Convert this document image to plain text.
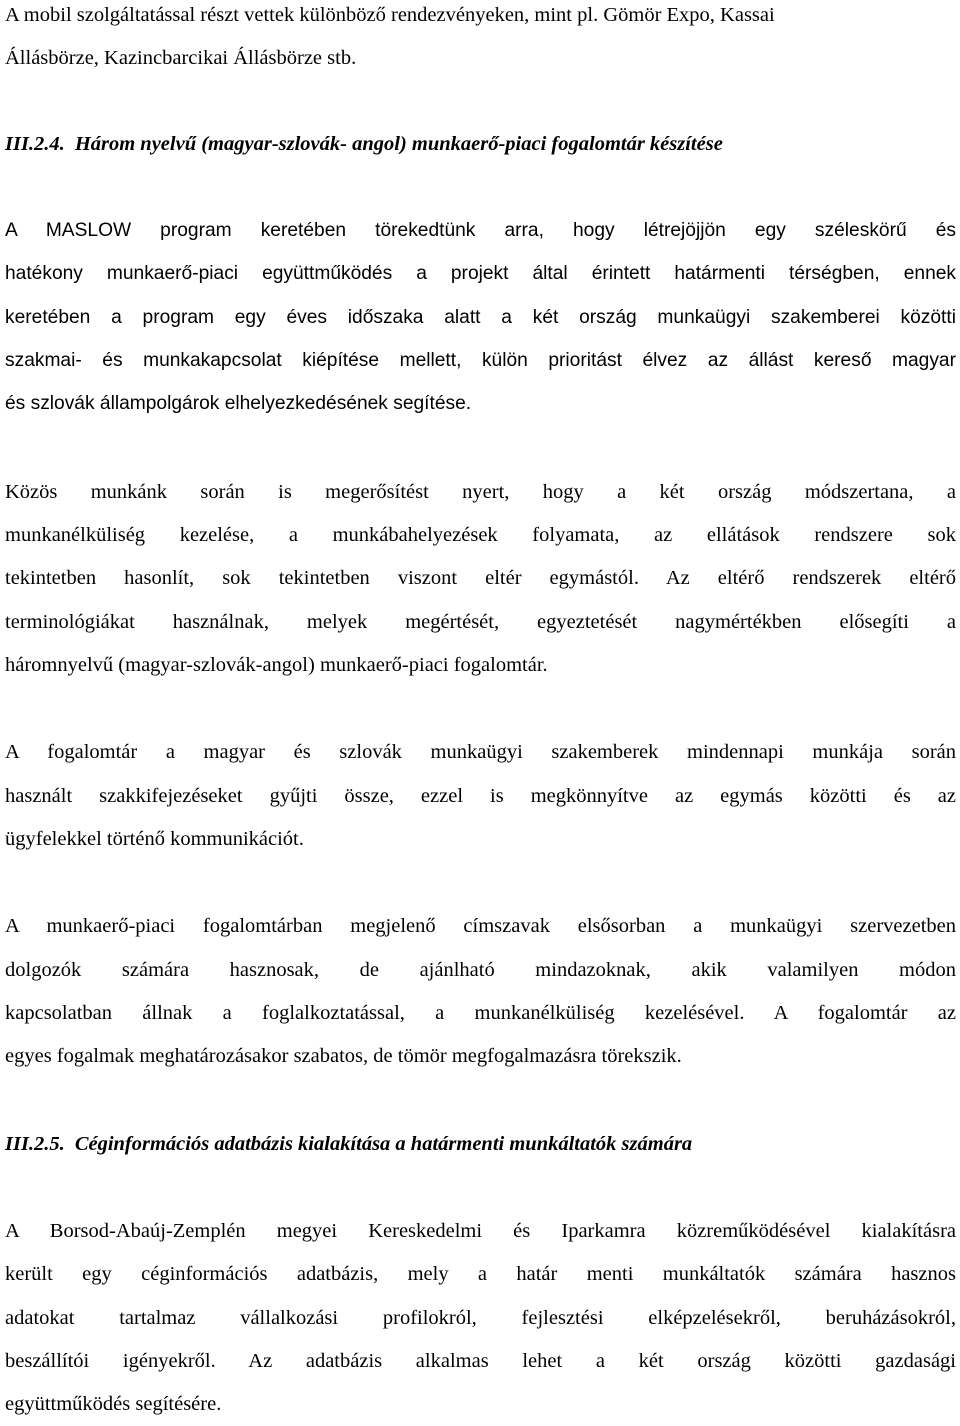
A mobil szolgáltatással részt vettek különböző rendezvényeken, mint pl. Gömör Expo, Kassai
Állásbörze, Kazincbarcikai Állásbörze stb.
III.2.4. Három nyelvű (magyar-szlovák- angol) munkaerő-piaci fogalomtár készítése
A MASLOW program keretében törekedtünk arra, hogy létrejöjjön egy széleskörű és
hatékony munkaerő-piaci együttműködés a projekt által érintett határmenti térségben, ennek
keretében a program egy éves időszaka alatt a két ország munkaügyi szakemberei közötti
szakmai- és munkakapcsolat kiépítése mellett, külön prioritást élvez az állást kereső magyar
és szlovák állampolgárok elhelyezkedésének segítése.
Közös munkánk során is megerősítést nyert, hogy a két ország módszertana, a
munkanélküliség kezelése, a munkábahelyezések folyamata, az ellátások rendszere sok
tekintetben hasonlít, sok tekintetben viszont eltér egymástól. Az eltérő rendszerek eltérő
terminológiákat használnak, melyek megértését, egyeztetését nagymértékben elősegíti a
háromnyelvű (magyar-szlovák-angol) munkaerő-piaci fogalomtár.
A fogalomtár a magyar és szlovák munkaügyi szakemberek mindennapi munkája során
használt szakkifejezéseket gyűjti össze, ezzel is megkönnyítve az egymás közötti és az
ügyfelekkel történő kommunikációt.
A munkaerő-piaci fogalomtárban megjelenő címszavak elsősorban a munkaügyi szervezetben
dolgozók számára hasznosak, de ajánlható mindazoknak, akik valamilyen módon
kapcsolatban állnak a foglalkoztatással, a munkanélküliség kezelésével. A fogalomtár az
egyes fogalmak meghatározásakor szabatos, de tömör megfogalmazásra törekszik.
III.2.5. Céginformációs adatbázis kialakítása a határmenti munkáltatók számára
A Borsod-Abaúj-Zemplén megyei Kereskedelmi és Iparkamra közreműködésével kialakításra
került egy céginformációs adatbázis, mely a határ menti munkáltatók számára hasznos
adatokat tartalmaz vállalkozási profilokról, fejlesztési elképzelésekről, beruházásokról,
beszállítói igényekről. Az adatbázis alkalmas lehet a két ország közötti gazdasági
együttműködés segítésére.
